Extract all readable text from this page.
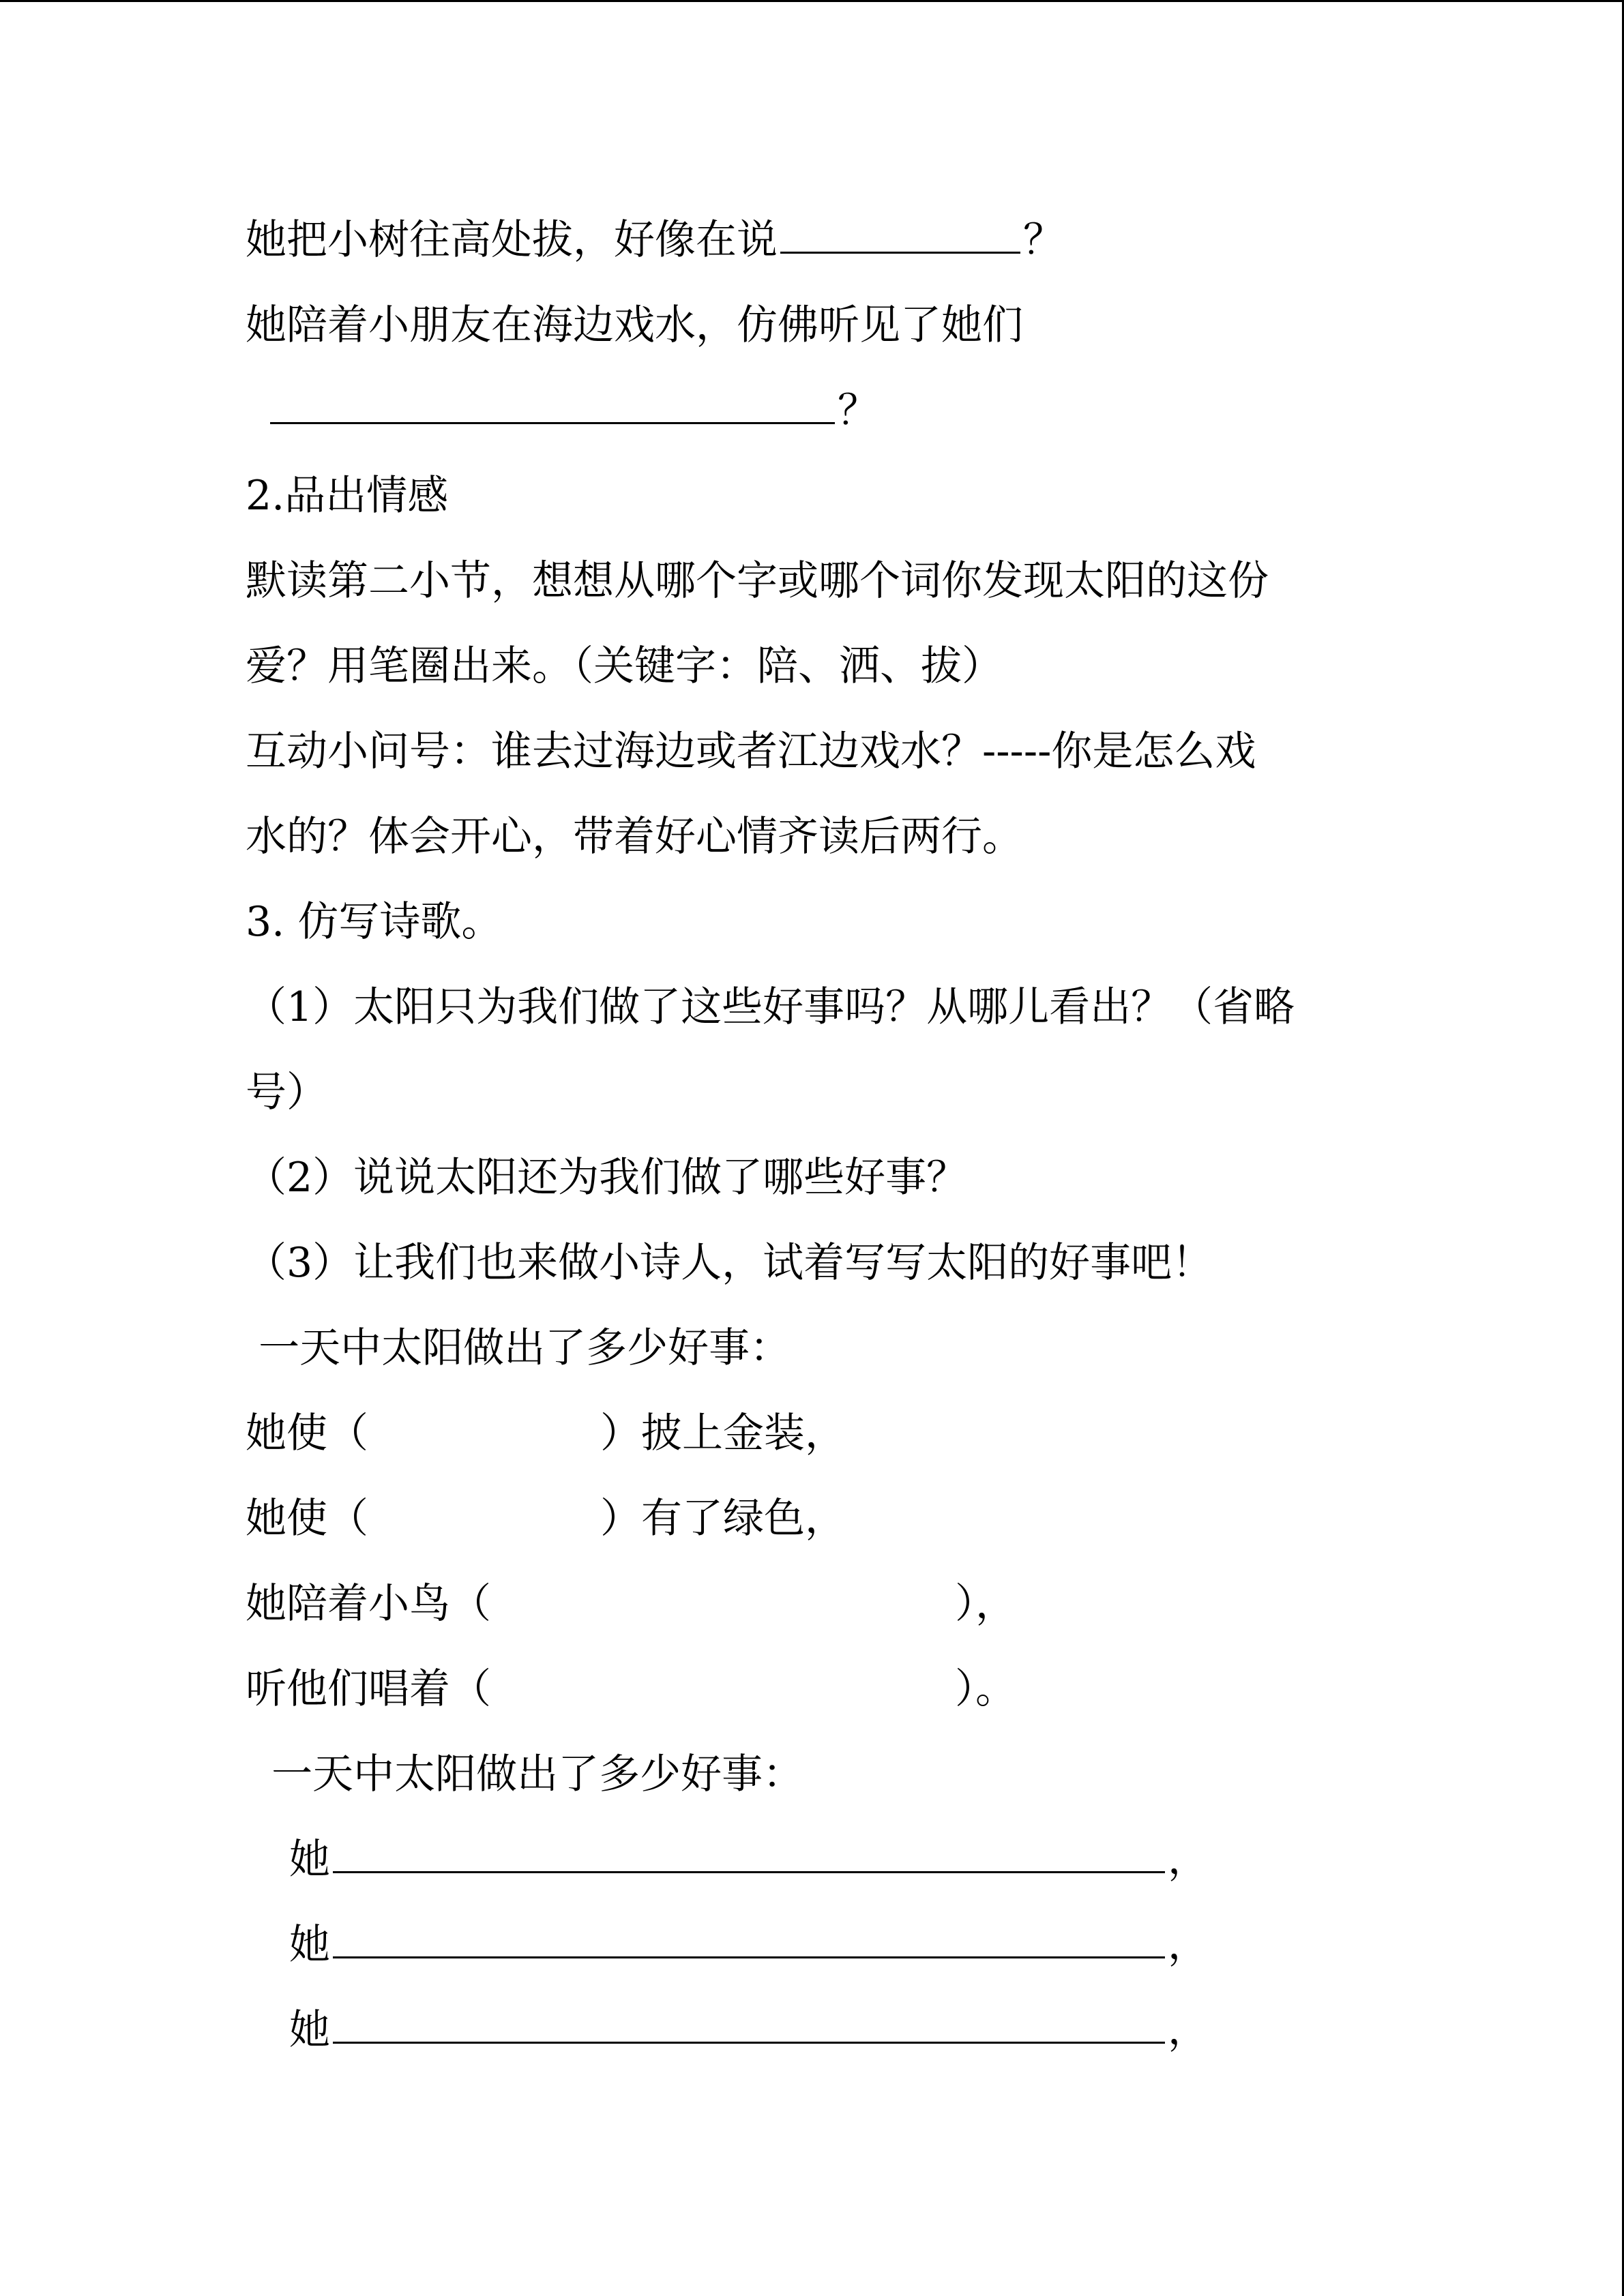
她把小树往高处拔，好像在说	？
她陪着小朋友在海边戏水，仿佛听见了她们
？
2.品出情感
默读第二小节，想想从哪个字或哪个词你发现太阳的这份
爱？用笔圈出来。（关键字：陪、洒、拔）
互动小问号：谁去过海边或者江边戏水？-----你是怎么戏
水的？体会开心，带着好心情齐读后两行。
3. 仿写诗歌。
（1）太阳只为我们做了这些好事吗？从哪儿看出？（省略
号）
（2）说说太阳还为我们做了哪些好事？
（3）让我们也来做小诗人，试着写写太阳的好事吧！
一天中太阳做出了多少好事：
她使（	）披上金装，
她使（	）有了绿色，
她陪着小鸟（	），
听他们唱着（	）。
一天中太阳做出了多少好事：
她	，
她	，
她	，
